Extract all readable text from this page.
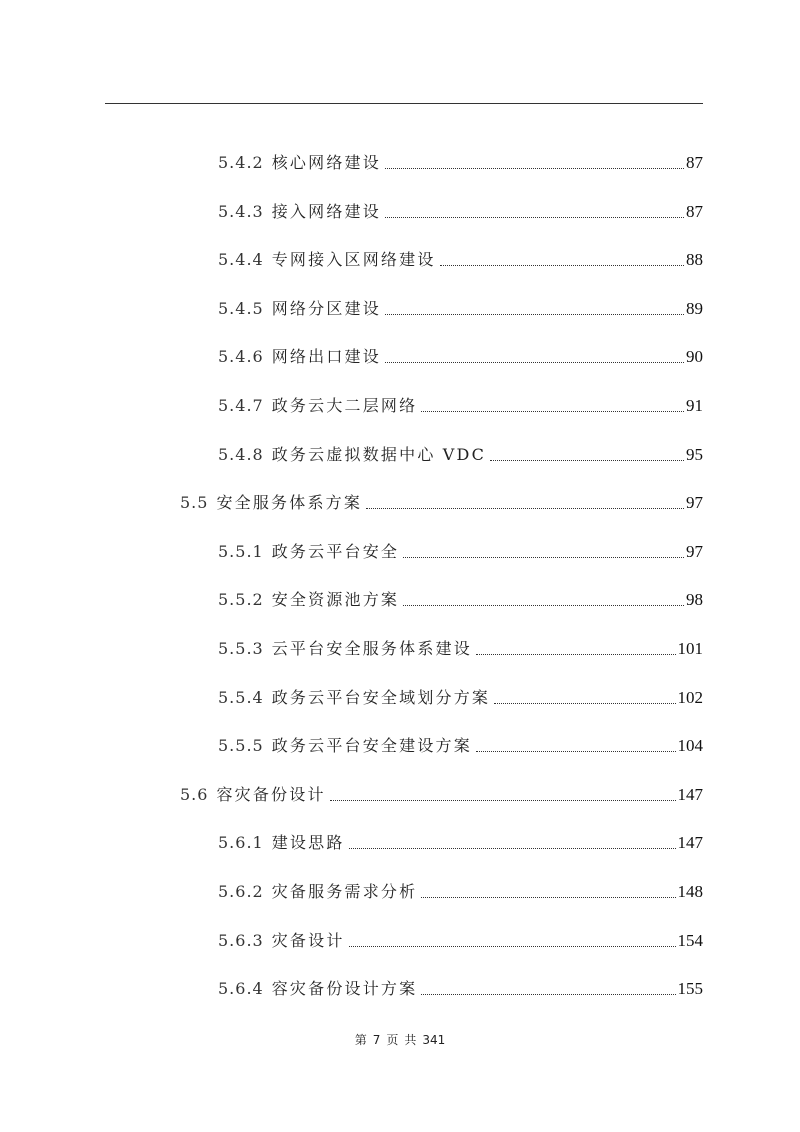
5.4.2 核心网络建设	87
5.4.3 接入网络建设	87
5.4.4 专网接入区网络建设	88
5.4.5 网络分区建设	89
5.4.6 网络出口建设	90
5.4.7 政务云大二层网络	91
5.4.8 政务云虚拟数据中心 VDC	95
5.5 安全服务体系方案	97
5.5.1 政务云平台安全	97
5.5.2 安全资源池方案	98
5.5.3 云平台安全服务体系建设	101
5.5.4 政务云平台安全域划分方案	102
5.5.5 政务云平台安全建设方案	104
5.6 容灾备份设计	147
5.6.1 建设思路	147
5.6.2 灾备服务需求分析	148
5.6.3 灾备设计	154
5.6.4 容灾备份设计方案	155
第 7 页 共 341
